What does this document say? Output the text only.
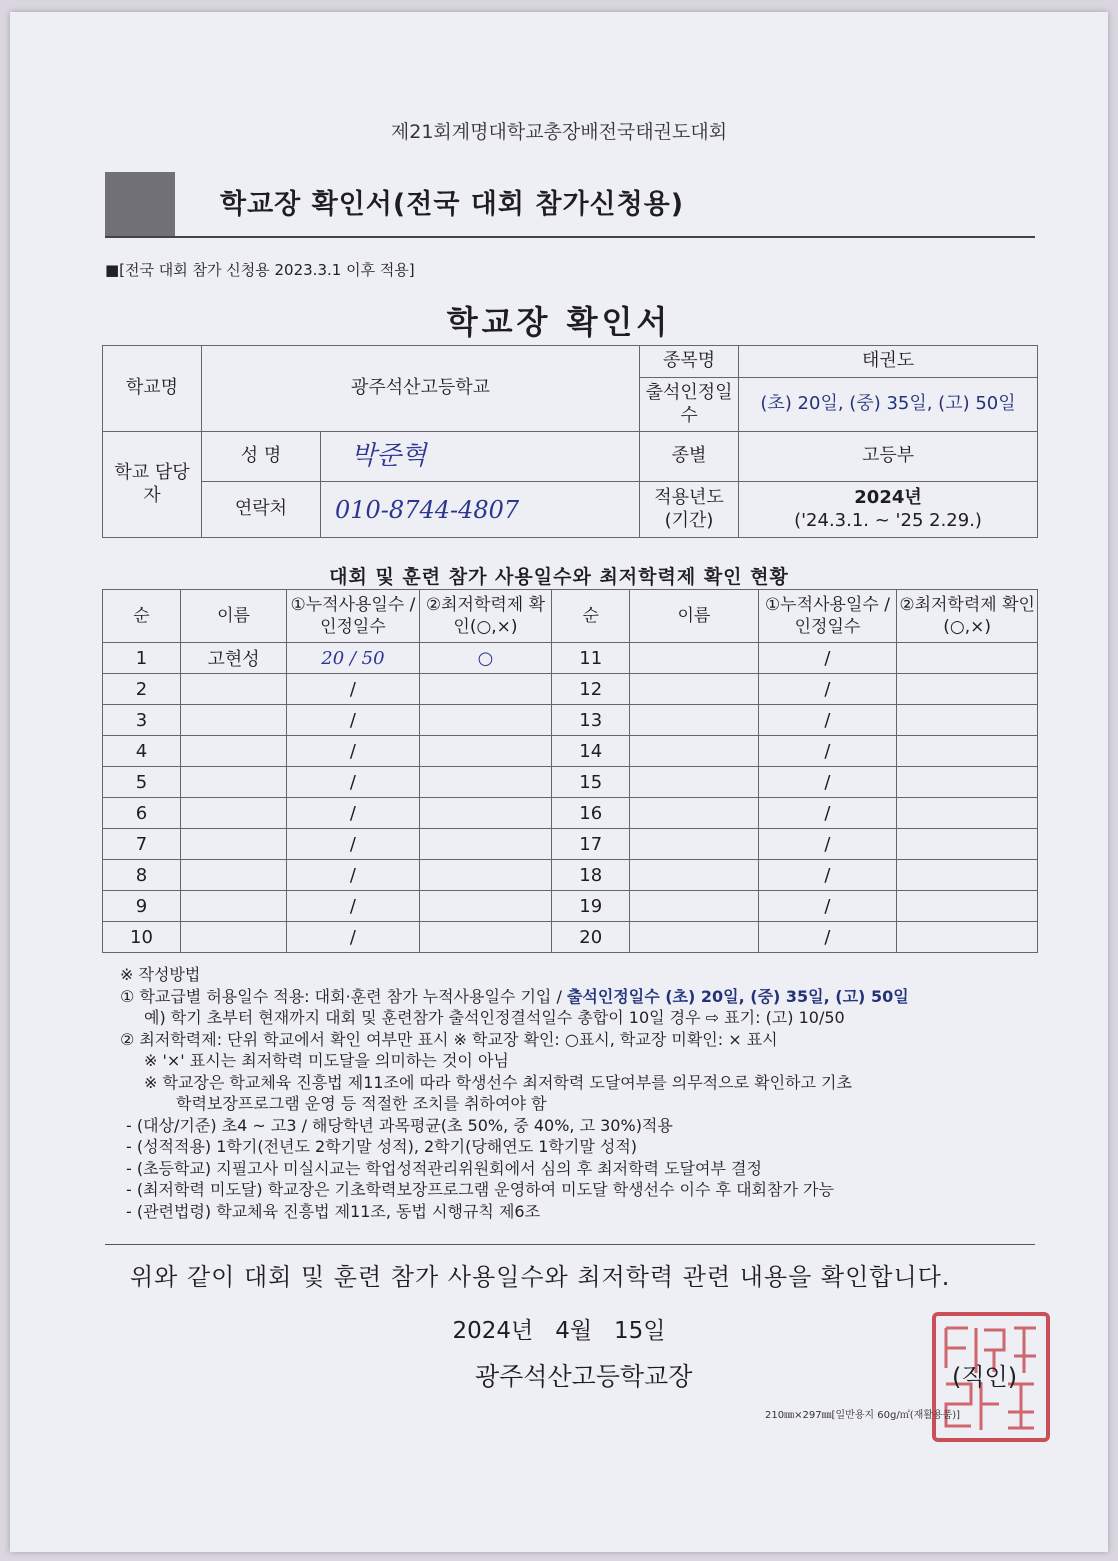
제21회계명대학교총장배전국태권도대회
학교장 확인서(전국 대회 참가신청용)
■[전국 대회 참가 신청용 2023.3.1 이후 적용]
학교장 확인서
학교명	광주석산고등학교		종목명	태권도
			출석인정일수	(초) 20일, (중) 35일, (고) 50일
학교 담당자	성 명	박준혁	종별	고등부
	연락처	010-8744-4807	적용년도 (기간)	2024년
('24.3.1. ~ '25 2.29.)
대회 및 훈련 참가 사용일수와 최저학력제 확인 현황
순	이름	①누적사용일수 /인정일수	②최저학력제 확인(○,×)	순	이름	①누적사용일수 /인정일수	②최저학력제 확인(○,×)
1	고현성	20 / 50	○	11		/	
2		/		12		/	
3		/		13		/	
4		/		14		/	
5		/		15		/	
6		/		16		/	
7		/		17		/	
8		/		18		/	
9		/		19		/	
10		/		20		/	
※ 작성방법
① 학교급별 허용일수 적용: 대회·훈련 참가 누적사용일수 기입 / 출석인정일수 (초) 20일, (중) 35일, (고) 50일
예) 학기 초부터 현재까지 대회 및 훈련참가 출석인정결석일수 총합이 10일 경우 ⇨ 표기: (고) 10/50
② 최저학력제: 단위 학교에서 확인 여부만 표시 ※ 학교장 확인: ○표시, 학교장 미확인: × 표시
※ '×' 표시는 최저학력 미도달을 의미하는 것이 아님
※ 학교장은 학교체육 진흥법 제11조에 따라 학생선수 최저학력 도달여부를 의무적으로 확인하고 기초
학력보장프로그램 운영 등 적절한 조치를 취하여야 함
- (대상/기준) 초4 ~ 고3 / 해당학년 과목평균(초 50%, 중 40%, 고 30%)적용
- (성적적용) 1학기(전년도 2학기말 성적), 2학기(당해연도 1학기말 성적)
- (초등학교) 지필고사 미실시교는 학업성적관리위원회에서 심의 후 최저학력 도달여부 결정
- (최저학력 미도달) 학교장은 기초학력보장프로그램 운영하여 미도달 학생선수 이수 후 대회참가 가능
- (관련법령) 학교체육 진흥법 제11조, 동법 시행규칙 제6조
위와 같이 대회 및 훈련 참가 사용일수와 최저학력 관련 내용을 확인합니다.
2024년   4월   15일
광주석산고등학교장	(직인)
210㎜×297㎜[일반용지 60g/㎡(재활용품)]
